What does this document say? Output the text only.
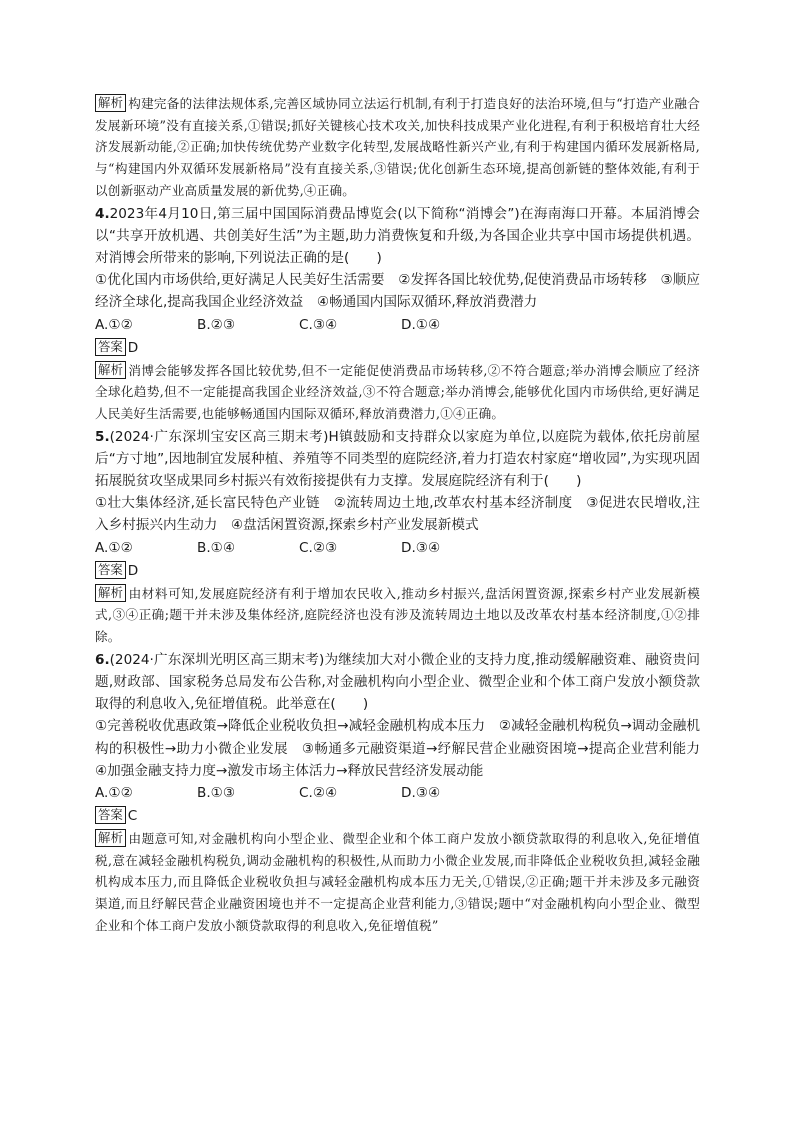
解析 构建完备的法律法规体系,完善区域协同立法运行机制,有利于打造良好的法治环境,但与“打造产业融合发展新环境”没有直接关系,①错误;抓好关键核心技术攻关,加快科技成果产业化进程,有利于积极培育壮大经济发展新动能,②正确;加快传统优势产业数字化转型,发展战略性新兴产业,有利于构建国内循环发展新格局,与“构建国内外双循环发展新格局”没有直接关系,③错误;优化创新生态环境,提高创新链的整体效能,有利于以创新驱动产业高质量发展的新优势,④正确。
4.2023年4月10日,第三届中国国际消费品博览会(以下简称“消博会”)在海南海口开幕。本届消博会以“共享开放机遇、共创美好生活”为主题,助力消费恢复和升级,为各国企业共享中国市场提供机遇。对消博会所带来的影响,下列说法正确的是(　　)
①优化国内市场供给,更好满足人民美好生活需要　②发挥各国比较优势,促使消费品市场转移　③顺应经济全球化,提高我国企业经济效益　④畅通国内国际双循环,释放消费潜力
A.①②	B.②③	C.③④	D.①④
答案 D
解析 消博会能够发挥各国比较优势,但不一定能促使消费品市场转移,②不符合题意;举办消博会顺应了经济全球化趋势,但不一定能提高我国企业经济效益,③不符合题意;举办消博会,能够优化国内市场供给,更好满足人民美好生活需要,也能够畅通国内国际双循环,释放消费潜力,①④正确。
5.(2024·广东深圳宝安区高三期末考)H镇鼓励和支持群众以家庭为单位,以庭院为载体,依托房前屋后“方寸地”,因地制宜发展种植、养殖等不同类型的庭院经济,着力打造农村家庭“增收园”,为实现巩固拓展脱贫攻坚成果同乡村振兴有效衔接提供有力支撑。发展庭院经济有利于(　　)
①壮大集体经济,延长富民特色产业链　②流转周边土地,改革农村基本经济制度　③促进农民增收,注入乡村振兴内生动力　④盘活闲置资源,探索乡村产业发展新模式
A.①②	B.①④	C.②③	D.③④
答案 D
解析 由材料可知,发展庭院经济有利于增加农民收入,推动乡村振兴,盘活闲置资源,探索乡村产业发展新模式,③④正确;题干并未涉及集体经济,庭院经济也没有涉及流转周边土地以及改革农村基本经济制度,①②排除。
6.(2024·广东深圳光明区高三期末考)为继续加大对小微企业的支持力度,推动缓解融资难、融资贵问题,财政部、国家税务总局发布公告称,对金融机构向小型企业、微型企业和个体工商户发放小额贷款取得的利息收入,免征增值税。此举意在(　　)
①完善税收优惠政策→降低企业税收负担→减轻金融机构成本压力　②减轻金融机构税负→调动金融机构的积极性→助力小微企业发展　③畅通多元融资渠道→纾解民营企业融资困境→提高企业营利能力　④加强金融支持力度→激发市场主体活力→释放民营经济发展动能
A.①②	B.①③	C.②④	D.③④
答案 C
解析 由题意可知,对金融机构向小型企业、微型企业和个体工商户发放小额贷款取得的利息收入,免征增值税,意在减轻金融机构税负,调动金融机构的积极性,从而助力小微企业发展,而非降低企业税收负担,减轻金融机构成本压力,而且降低企业税收负担与减轻金融机构成本压力无关,①错误,②正确;题干并未涉及多元融资渠道,而且纾解民营企业融资困境也并不一定提高企业营利能力,③错误;题中“对金融机构向小型企业、微型企业和个体工商户发放小额贷款取得的利息收入,免征增值税”
